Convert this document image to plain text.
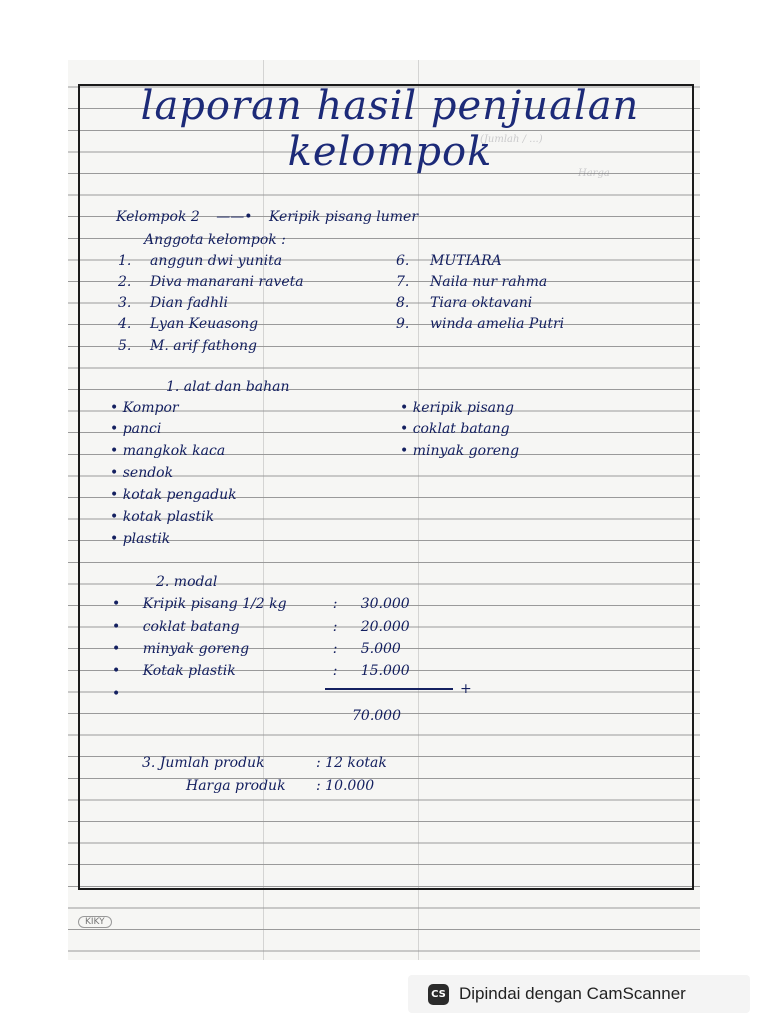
(Jumlah / ...)
Harga
laporan hasil penjualan
kelompok
Kelompok 2 ——• Keripik pisang lumer
Anggota kelompok :
1. anggun dwi yunita
2. Diva manarani raveta
3. Dian fadhli
4. Lyan Keuasong
5. M. arif fathong
6. MUTIARA
7. Naila nur rahma
8. Tiara oktavani
9. winda amelia Putri
1. alat dan bahan
• Kompor
• panci
• mangkok kaca
• sendok
• kotak pengaduk
• kotak plastik
• plastik
• keripik pisang
• coklat batang
• minyak goreng
2. modal
• Kripik pisang 1/2 kg	: 30.000
• coklat batang	: 20.000
• minyak goreng	: 5.000
• Kotak plastik	: 15.000
•	+
70.000
3. Jumlah produk	: 12 kotak
Harga produk : 10.000
KIKY
CS Dipindai dengan CamScanner
